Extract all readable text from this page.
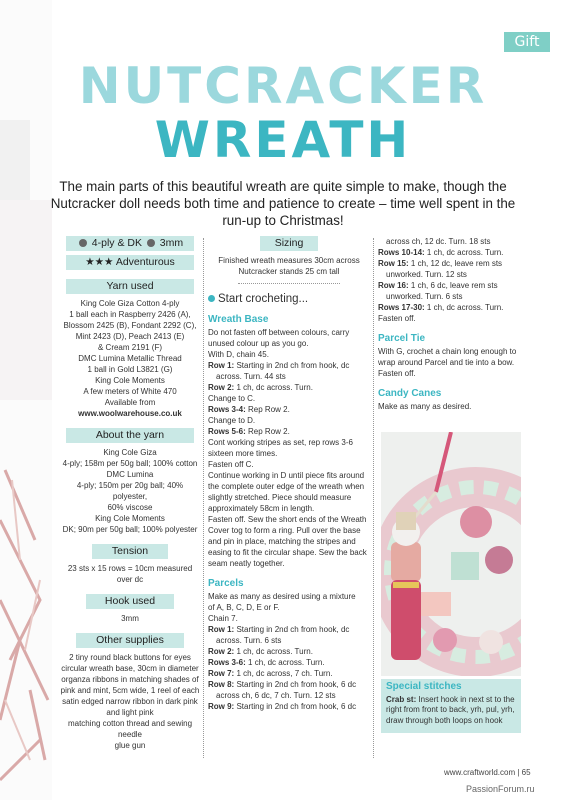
Gift
NUTCRACKER
WREATH
The main parts of this beautiful wreath are quite simple to make, though the Nutcracker doll needs both time and patience to create – time well spent in the run-up to Christmas!
4-ply & DK 3mm
★★★ Adventurous
Yarn used

King Cole Giza Cotton 4-ply

1 ball each in Raspberry 2426 (A),

Blossom 2425 (B), Fondant 2292 (C),

Mint 2423 (D), Peach 2413 (E)

& Cream 2191 (F)

DMC Lumina Metallic Thread

1 ball in Gold L3821 (G)

King Cole Moments

A few meters of White 470

Available from

www.woolwarehouse.co.uk

About the yarn

King Cole Giza

4-ply; 158m per 50g ball; 100% cotton

DMC Lumina

4-ply; 150m per 20g ball; 40% polyester,

60% viscose

King Cole Moments

DK; 90m per 50g ball; 100% polyester

Tension

23 sts x 15 rows = 10cm measured over dc

Hook used

3mm

Other supplies

2 tiny round black buttons for eyes

circular wreath base, 30cm in diameter

organza ribbons in matching shades of

pink and mint, 5cm wide, 1 reel of each

satin edged narrow ribbon in dark pink

and light pink

matching cotton thread and sewing needle

glue gun

Sizing

Finished wreath measures 30cm across

Nutcracker stands 25 cm tall

Start crocheting...

Wreath Base

Do not fasten off between colours, carry

unused colour up as you go.

With D, chain 45.

Row 1: Starting in 2nd ch from hook, dc

across. Turn. 44 sts

Row 2: 1 ch, dc across. Turn.

Change to C.

Rows 3-4: Rep Row 2.

Change to D.

Rows 5-6: Rep Row 2.

Cont working stripes as set, rep rows 3-6

sixteen more times.

Fasten off C.

Continue working in D until piece fits around

the complete outer edge of the wreath when

slightly stretched. Piece should measure

approximately 58cm in length.

Fasten off. Sew the short ends of the Wreath

Cover tog to form a ring. Pull over the base

and pin in place, matching the stripes and

easing to fit the circular shape. Sew the back

seam neatly together.

Parcels

Make as many as desired using a mixture

of A, B, C, D, E or F.

Chain 7.

Row 1: Starting in 2nd ch from hook, dc

across. Turn. 6 sts

Row 2: 1 ch, dc across. Turn.

Rows 3-6: 1 ch, dc across. Turn.

Row 7: 1 ch, dc across, 7 ch. Turn.

Row 8: Starting in 2nd ch from hook, 6 dc

across ch, 6 dc, 7 ch. Turn. 12 sts

Row 9: Starting in 2nd ch from hook, 6 dc

across ch, 12 dc. Turn. 18 sts

Rows 10-14: 1 ch, dc across. Turn.

Row 15: 1 ch, 12 dc, leave rem sts

unworked. Turn. 12 sts

Row 16: 1 ch, 6 dc, leave rem sts

unworked. Turn. 6 sts

Rows 17-30: 1 ch, dc across. Turn.

Fasten off.

Parcel Tie

With G, crochet a chain long enough to

wrap around Parcel and tie into a bow.

Fasten off.

Candy Canes

Make as many as desired.

Special stitches

Crab st: Insert hook in next st to the

right from front to back, yrh, pul, yrh,

draw through both loops on hook

www.craftworld.com | 65
PassionForum.ru
